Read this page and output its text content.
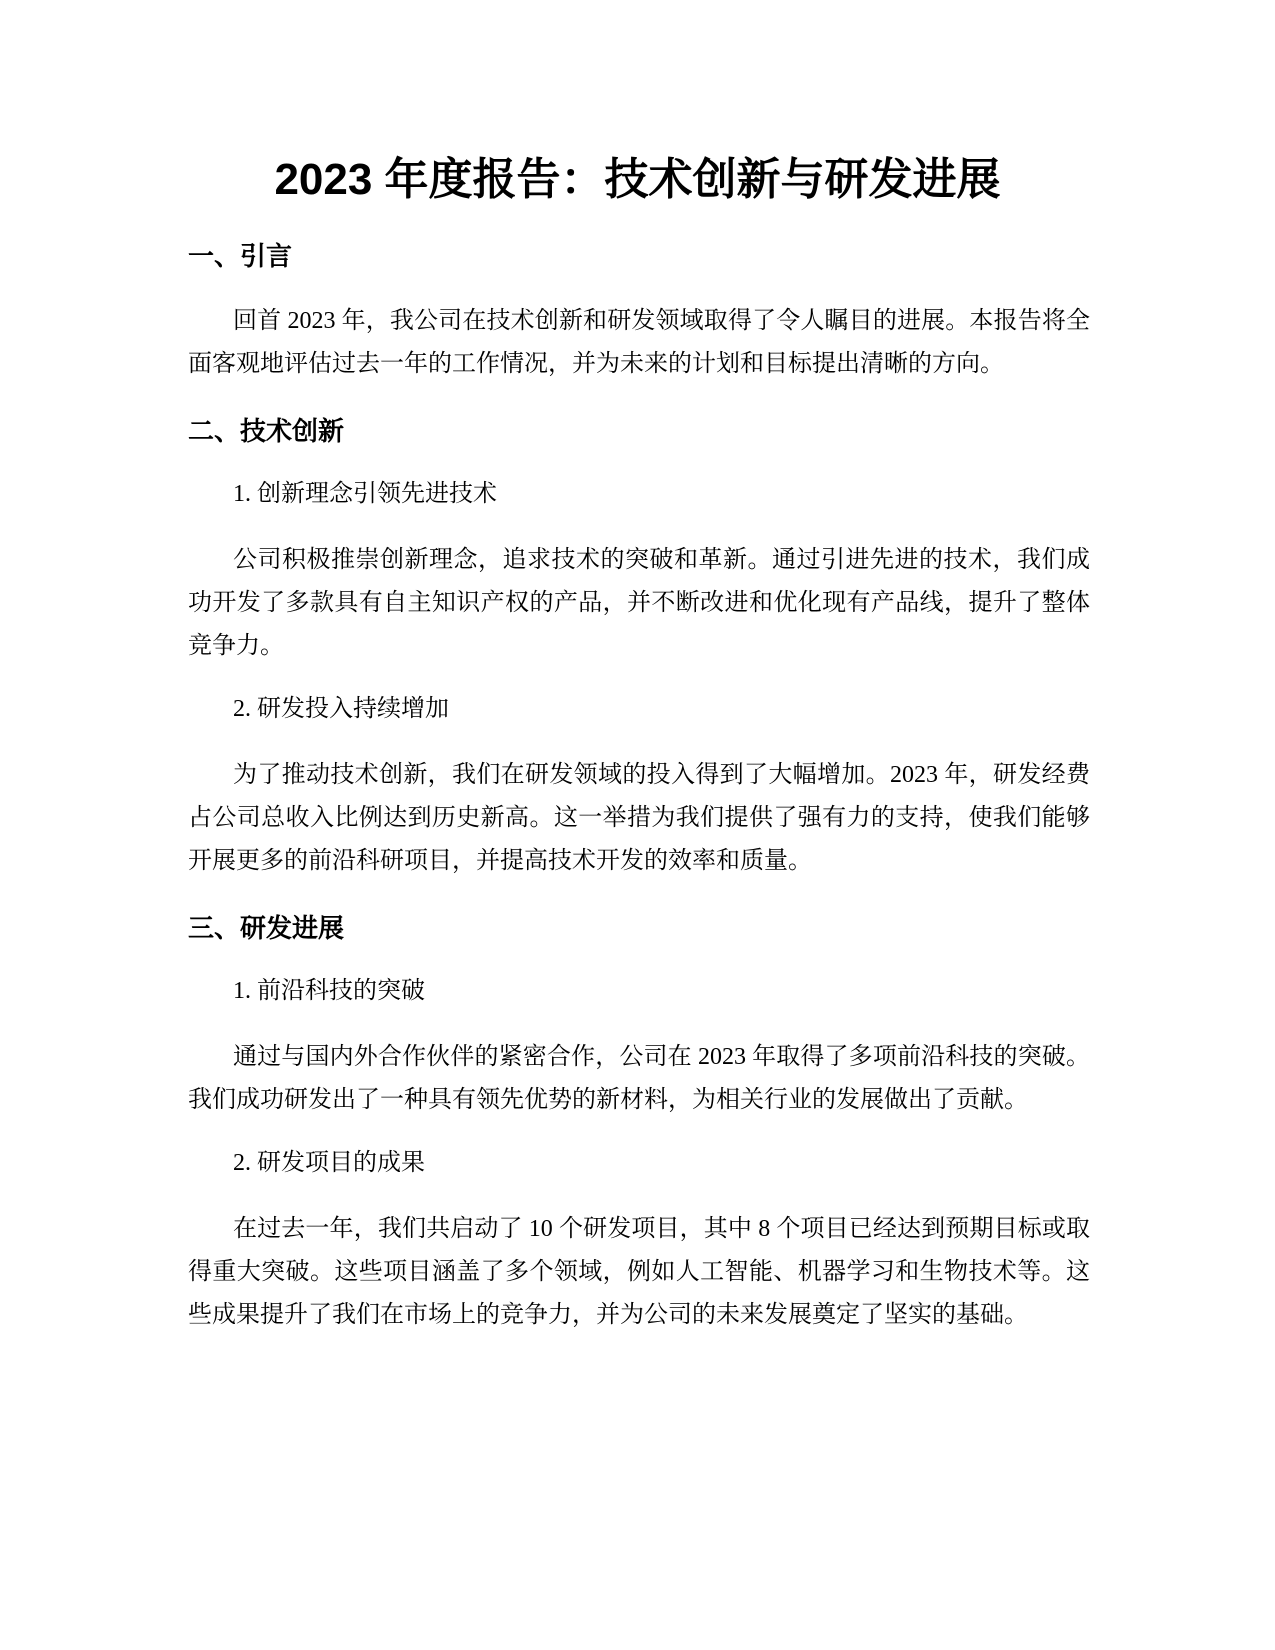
2023 年度报告：技术创新与研发进展
一、引言

回首 2023 年，我公司在技术创新和研发领域取得了令人瞩目的进展。本报告将全面客观地评估过去一年的工作情况，并为未来的计划和目标提出清晰的方向。

二、技术创新

1. 创新理念引领先进技术

公司积极推崇创新理念，追求技术的突破和革新。通过引进先进的技术，我们成功开发了多款具有自主知识产权的产品，并不断改进和优化现有产品线，提升了整体竞争力。

2. 研发投入持续增加

为了推动技术创新，我们在研发领域的投入得到了大幅增加。2023 年，研发经费占公司总收入比例达到历史新高。这一举措为我们提供了强有力的支持，使我们能够开展更多的前沿科研项目，并提高技术开发的效率和质量。

三、研发进展

1. 前沿科技的突破

通过与国内外合作伙伴的紧密合作，公司在 2023 年取得了多项前沿科技的突破。我们成功研发出了一种具有领先优势的新材料，为相关行业的发展做出了贡献。

2. 研发项目的成果

在过去一年，我们共启动了 10 个研发项目，其中 8 个项目已经达到预期目标或取得重大突破。这些项目涵盖了多个领域，例如人工智能、机器学习和生物技术等。这些成果提升了我们在市场上的竞争力，并为公司的未来发展奠定了坚实的基础。
